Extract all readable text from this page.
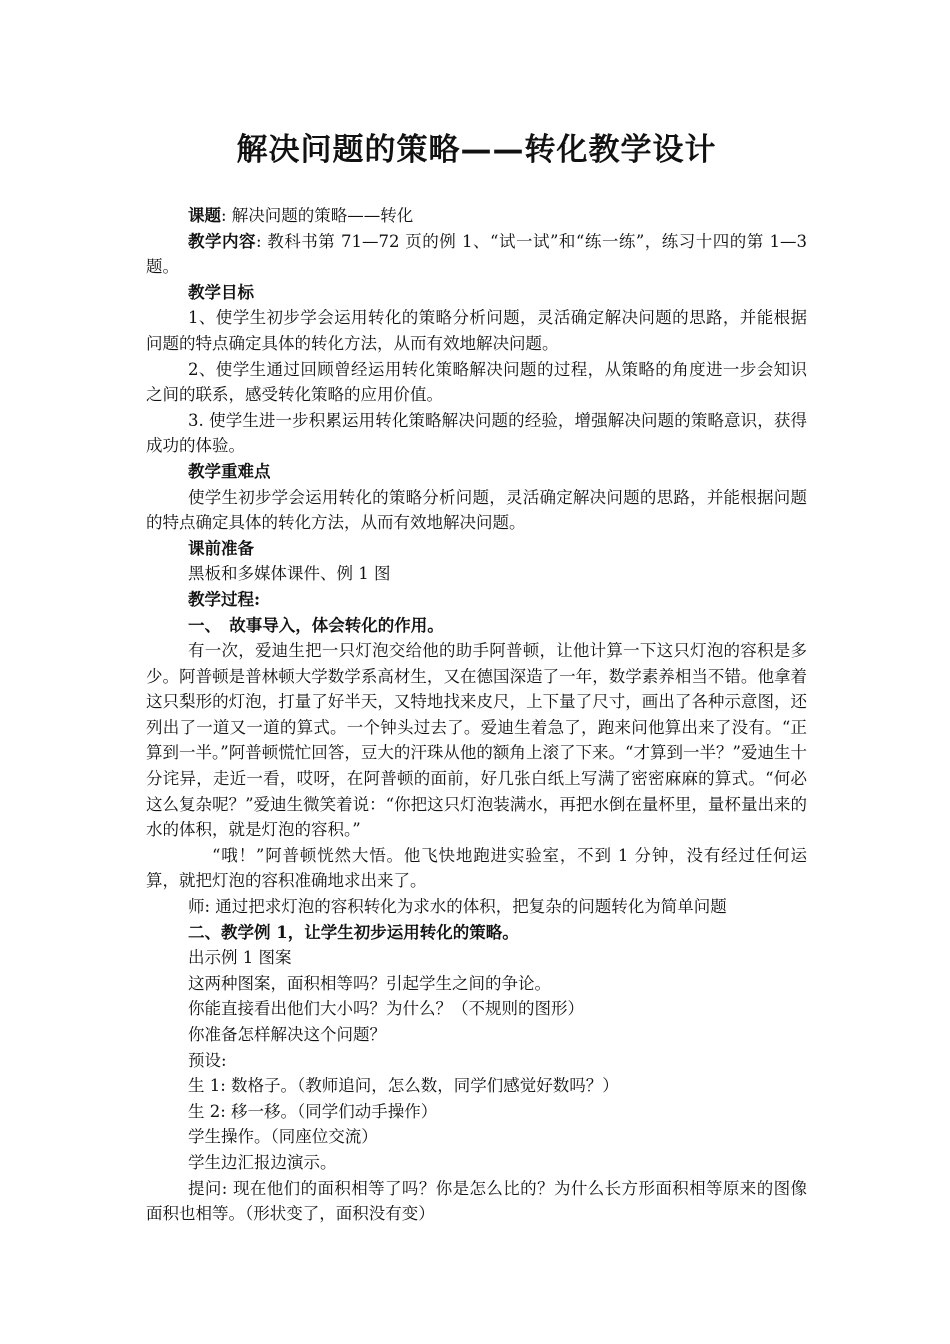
解决问题的策略——转化教学设计

课题: 解决问题的策略——转化

教学内容: 教科书第 71—72 页的例 1、“试一试”和“练一练”，练习十四的第 1—3 题。

教学目标

1、使学生初步学会运用转化的策略分析问题，灵活确定解决问题的思路，并能根据问题的特点确定具体的转化方法，从而有效地解决问题。

2、使学生通过回顾曾经运用转化策略解决问题的过程，从策略的角度进一步会知识之间的联系，感受转化策略的应用价值。

3. 使学生进一步积累运用转化策略解决问题的经验，增强解决问题的策略意识，获得成功的体验。

教学重难点

使学生初步学会运用转化的策略分析问题，灵活确定解决问题的思路，并能根据问题的特点确定具体的转化方法，从而有效地解决问题。

课前准备

黑板和多媒体课件、例 1 图

教学过程:

一、　故事导入，体会转化的作用。

有一次，爱迪生把一只灯泡交给他的助手阿普顿，让他计算一下这只灯泡的容积是多少。阿普顿是普林顿大学数学系高材生，又在德国深造了一年，数学素养相当不错。他拿着这只梨形的灯泡，打量了好半天，又特地找来皮尺，上下量了尺寸，画出了各种示意图，还列出了一道又一道的算式。一个钟头过去了。爱迪生着急了，跑来问他算出来了没有。“正算到一半。”阿普顿慌忙回答，豆大的汗珠从他的额角上滚了下来。“才算到一半？”爱迪生十分诧异，走近一看，哎呀，在阿普顿的面前，好几张白纸上写满了密密麻麻的算式。“何必这么复杂呢？”爱迪生微笑着说：“你把这只灯泡装满水，再把水倒在量杯里，量杯量出来的水的体积，就是灯泡的容积。”

“哦！”阿普顿恍然大悟。他飞快地跑进实验室，不到 1 分钟，没有经过任何运算，就把灯泡的容积准确地求出来了。

师: 通过把求灯泡的容积转化为求水的体积，把复杂的问题转化为简单问题

二、教学例 1，让学生初步运用转化的策略。

出示例 1 图案

这两种图案，面积相等吗？引起学生之间的争论。

你能直接看出他们大小吗？为什么？（不规则的图形）

你准备怎样解决这个问题？

预设:

生 1: 数格子。（教师追问，怎么数，同学们感觉好数吗？）

生 2: 移一移。（同学们动手操作）

学生操作。（同座位交流）

学生边汇报边演示。

提问: 现在他们的面积相等了吗？你是怎么比的？为什么长方形面积相等原来的图像面积也相等。（形状变了，面积没有变）
